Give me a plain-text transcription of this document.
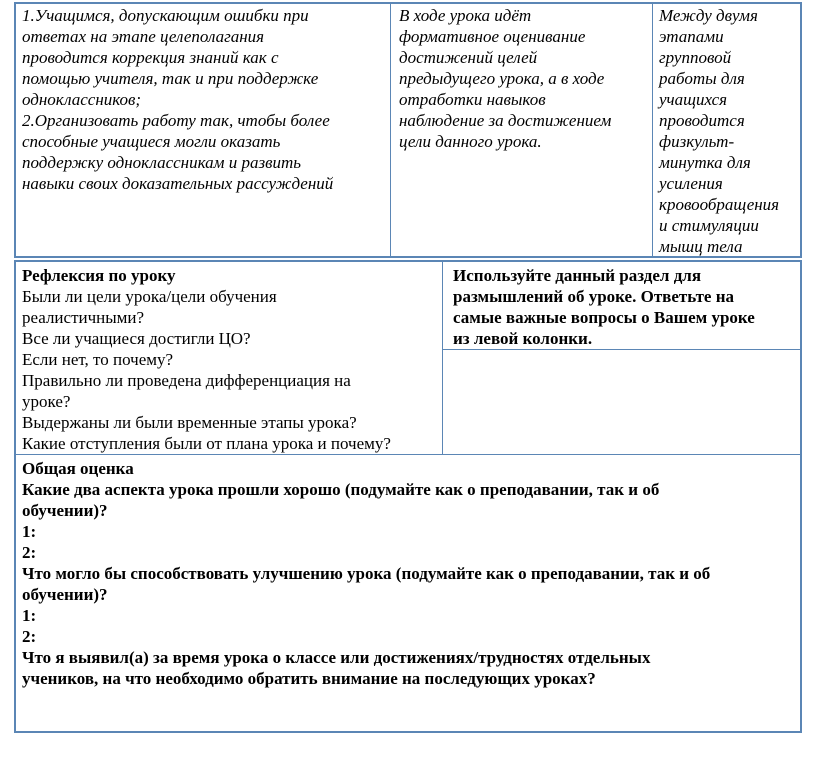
1.Учащимся, допускающим ошибки при
ответах на этапе целеполагания
проводится коррекция знаний как с
помощью учителя, так и при поддержке
одноклассников;
2.Организовать работу так, чтобы более
способные учащиеся могли оказать
поддержку одноклассникам и развить
навыки своих доказательных рассуждений
В ходе урока идёт
формативное оценивание
достижений целей
предыдущего урока, а в ходе
отработки навыков
наблюдение за достижением
цели данного урока.
Между двумя
этапами
групповой
работы для
учащихся
проводится
физкульт-
минутка для
усиления
кровообращения
и стимуляции
мышц тела
Рефлексия по уроку
Были ли цели урока/цели обучения
реалистичными?
Все ли учащиеся достигли ЦО?
Если нет, то почему?
Правильно ли проведена дифференциация на
уроке?
Выдержаны ли были временные этапы урока?
Какие отступления были от плана урока и почему?
Используйте данный раздел для
размышлений об уроке. Ответьте на
самые важные вопросы о Вашем уроке
из левой колонки.
Общая оценка
Какие два аспекта урока прошли хорошо (подумайте как о преподавании, так и об
обучении)?
1:
2:
Что могло бы способствовать улучшению урока (подумайте как о преподавании, так и об
обучении)?
1:
2:
Что я выявил(а) за время урока о классе или достижениях/трудностях отдельных
учеников, на что необходимо обратить внимание на последующих уроках?
